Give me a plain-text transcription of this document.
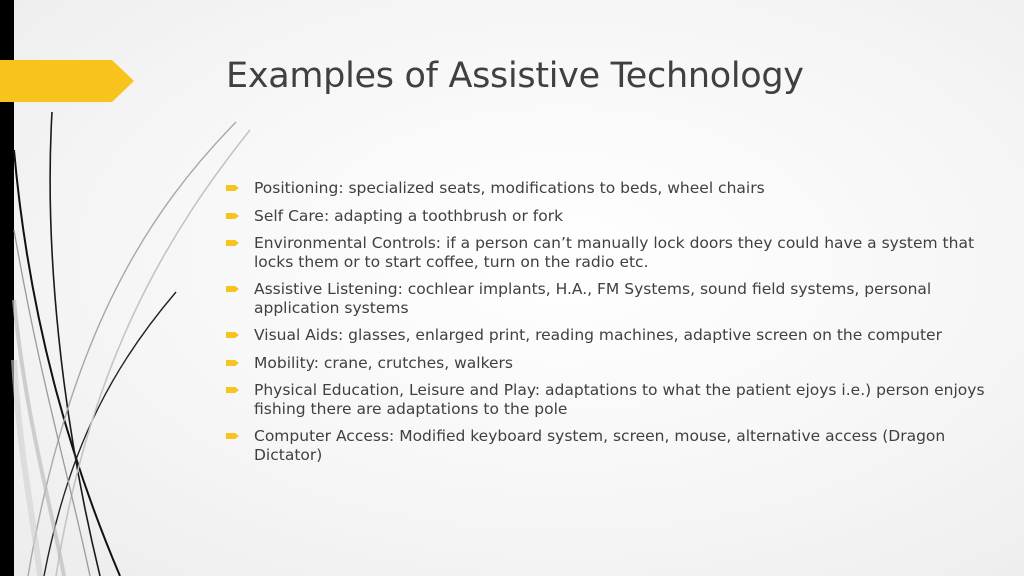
Examples of Assistive Technology
Positioning: specialized seats, modifications to beds, wheel chairs
Self Care: adapting a toothbrush or fork
Environmental Controls: if a person can’t manually lock doors they could have a system that locks them or to start coffee, turn on the radio etc.
Assistive Listening: cochlear implants, H.A., FM Systems, sound field systems, personal application systems
Visual Aids: glasses, enlarged print, reading machines, adaptive screen on the computer
Mobility: crane, crutches, walkers
Physical Education, Leisure and Play: adaptations to what the patient ejoys i.e.) person enjoys fishing there are adaptations to the pole
Computer Access: Modified keyboard system, screen, mouse, alternative access (Dragon Dictator)
